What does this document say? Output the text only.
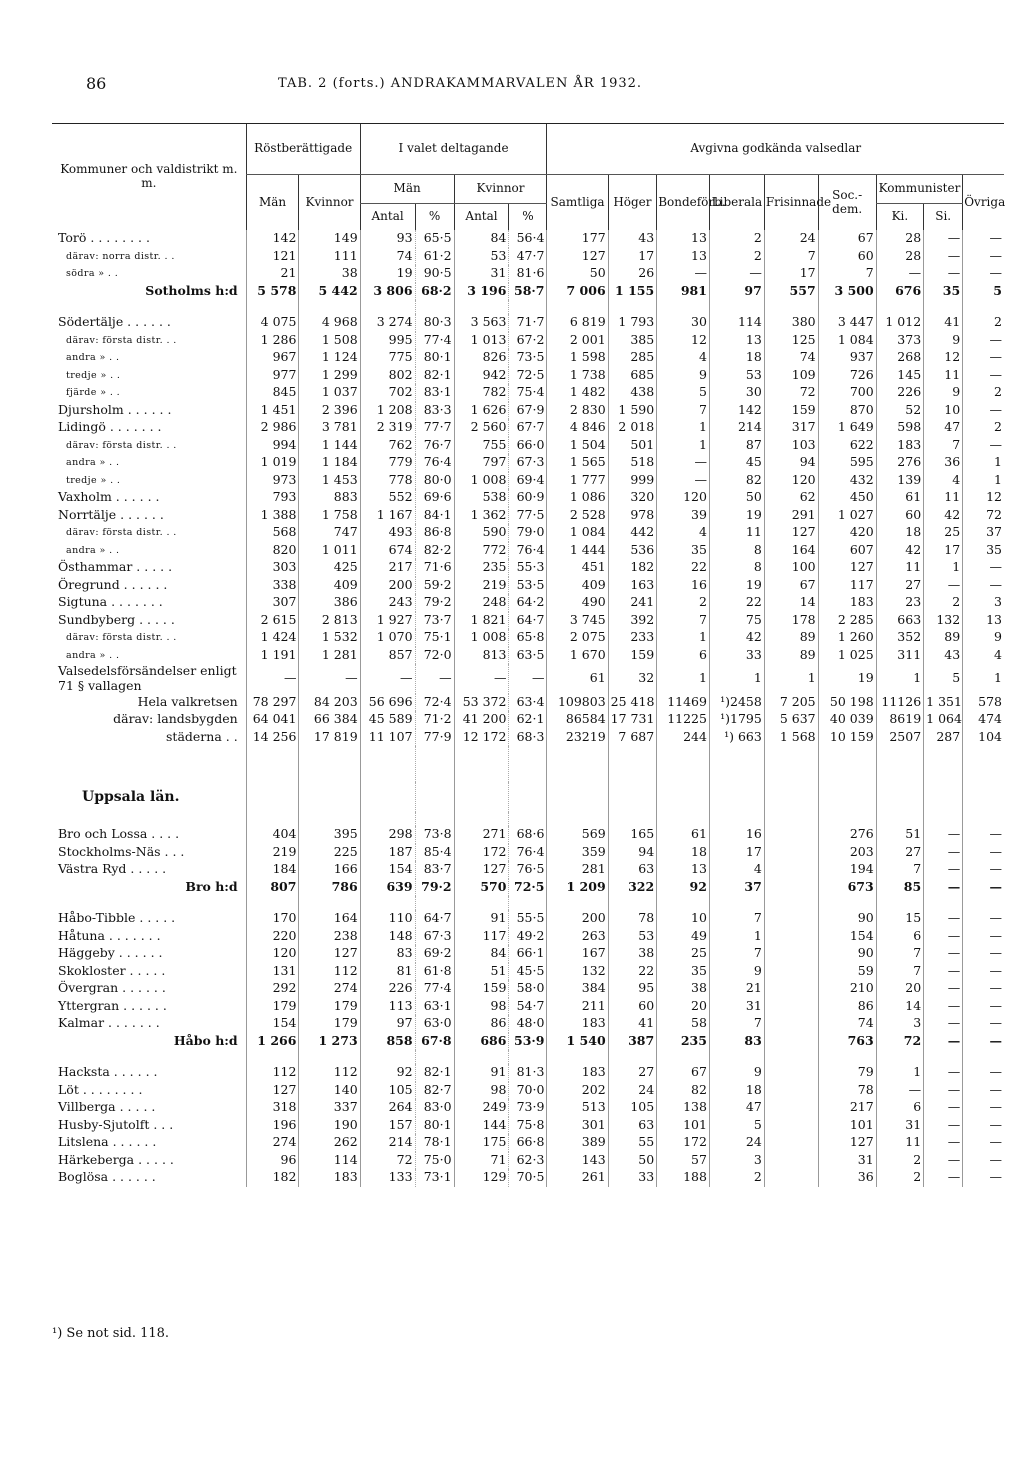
86	TAB. 2 (forts.) ANDRAKAMMARVALEN ÅR 1932.
Kommuner och valdistrikt m. m.	Röstberättigade		I valet deltagande				Avgivna godkända valsedlar								
	Män	Kvinnor	Män		Kvinnor		Samtliga	Höger	Bondeförb.	Liberala	Frisinnade	Soc.-dem.	Kommunister		Övriga
			Antal	%	Antal	%							Ki.	Si.	

Torö . . . . . . . .	142	149	93	65·5	84	56·4	177	43	13	2	24	67	28	—	—
därav: norra distr. . .	121	111	74	61·2	53	47·7	127	17	13	2	7	60	28	—	—
södra » . .	21	38	19	90·5	31	81·6	50	26	—	—	17	7	—	—	—
Sotholms h:d	5 578	5 442	3 806	68·2	3 196	58·7	7 006	1 155	981	97	557	3 500	676	35	5

Södertälje . . . . . .	4 075	4 968	3 274	80·3	3 563	71·7	6 819	1 793	30	114	380	3 447	1 012	41	2
därav: första distr. . .	1 286	1 508	995	77·4	1 013	67·2	2 001	385	12	13	125	1 084	373	9	—
andra » . .	967	1 124	775	80·1	826	73·5	1 598	285	4	18	74	937	268	12	—
tredje » . .	977	1 299	802	82·1	942	72·5	1 738	685	9	53	109	726	145	11	—
fjärde » . .	845	1 037	702	83·1	782	75·4	1 482	438	5	30	72	700	226	9	2
Djursholm . . . . . .	1 451	2 396	1 208	83·3	1 626	67·9	2 830	1 590	7	142	159	870	52	10	—
Lidingö . . . . . . .	2 986	3 781	2 319	77·7	2 560	67·7	4 846	2 018	1	214	317	1 649	598	47	2
därav: första distr. . .	994	1 144	762	76·7	755	66·0	1 504	501	1	87	103	622	183	7	—
andra » . .	1 019	1 184	779	76·4	797	67·3	1 565	518	—	45	94	595	276	36	1
tredje » . .	973	1 453	778	80·0	1 008	69·4	1 777	999	—	82	120	432	139	4	1
Vaxholm . . . . . .	793	883	552	69·6	538	60·9	1 086	320	120	50	62	450	61	11	12
Norrtälje . . . . . .	1 388	1 758	1 167	84·1	1 362	77·5	2 528	978	39	19	291	1 027	60	42	72
därav: första distr. . .	568	747	493	86·8	590	79·0	1 084	442	4	11	127	420	18	25	37
andra » . .	820	1 011	674	82·2	772	76·4	1 444	536	35	8	164	607	42	17	35
Östhammar . . . . .	303	425	217	71·6	235	55·3	451	182	22	8	100	127	11	1	—
Öregrund . . . . . .	338	409	200	59·2	219	53·5	409	163	16	19	67	117	27	—	—
Sigtuna . . . . . . .	307	386	243	79·2	248	64·2	490	241	2	22	14	183	23	2	3
Sundbyberg . . . . .	2 615	2 813	1 927	73·7	1 821	64·7	3 745	392	7	75	178	2 285	663	132	13
därav: första distr. . .	1 424	1 532	1 070	75·1	1 008	65·8	2 075	233	1	42	89	1 260	352	89	9
andra » . .	1 191	1 281	857	72·0	813	63·5	1 670	159	6	33	89	1 025	311	43	4
Valsedelsförsändelser enligt 71 § vallagen	—	—	—	—	—	—	61	32	1	1	1	19	1	5	1
Hela valkretsen	78 297	84 203	56 696	72·4	53 372	63·4	109803	25 418	11469	¹)2458	7 205	50 198	11126	1 351	578
därav: landsbygden	64 041	66 384	45 589	71·2	41 200	62·1	86584	17 731	11225	¹)1795	5 637	40 039	8619	1 064	474
städerna . .	14 256	17 819	11 107	77·9	12 172	68·3	23219	7 687	244	¹) 663	1 568	10 159	2507	287	104

Uppsala län.															

Bro och Lossa . . . .	404	395	298	73·8	271	68·6	569	165	61	16		276	51	—	—
Stockholms-Näs . . .	219	225	187	85·4	172	76·4	359	94	18	17		203	27	—	—
Västra Ryd . . . . .	184	166	154	83·7	127	76·5	281	63	13	4		194	7	—	—
Bro h:d	807	786	639	79·2	570	72·5	1 209	322	92	37		673	85	—	—

Håbo-Tibble . . . . .	170	164	110	64·7	91	55·5	200	78	10	7		90	15	—	—
Håtuna . . . . . . .	220	238	148	67·3	117	49·2	263	53	49	1		154	6	—	—
Häggeby . . . . . .	120	127	83	69·2	84	66·1	167	38	25	7		90	7	—	—
Skokloster . . . . .	131	112	81	61·8	51	45·5	132	22	35	9		59	7	—	—
Övergran . . . . . .	292	274	226	77·4	159	58·0	384	95	38	21		210	20	—	—
Yttergran . . . . . .	179	179	113	63·1	98	54·7	211	60	20	31		86	14	—	—
Kalmar . . . . . . .	154	179	97	63·0	86	48·0	183	41	58	7		74	3	—	—
Håbo h:d	1 266	1 273	858	67·8	686	53·9	1 540	387	235	83		763	72	—	—

Hacksta . . . . . .	112	112	92	82·1	91	81·3	183	27	67	9		79	1	—	—
Löt . . . . . . . .	127	140	105	82·7	98	70·0	202	24	82	18		78	—	—	—
Villberga . . . . .	318	337	264	83·0	249	73·9	513	105	138	47		217	6	—	—
Husby-Sjutolft . . .	196	190	157	80·1	144	75·8	301	63	101	5		101	31	—	—
Litslena . . . . . .	274	262	214	78·1	175	66·8	389	55	172	24		127	11	—	—
Härkeberga . . . . .	96	114	72	75·0	71	62·3	143	50	57	3		31	2	—	—
Boglösa . . . . . .	182	183	133	73·1	129	70·5	261	33	188	2		36	2	—	—
¹) Se not sid. 118.
